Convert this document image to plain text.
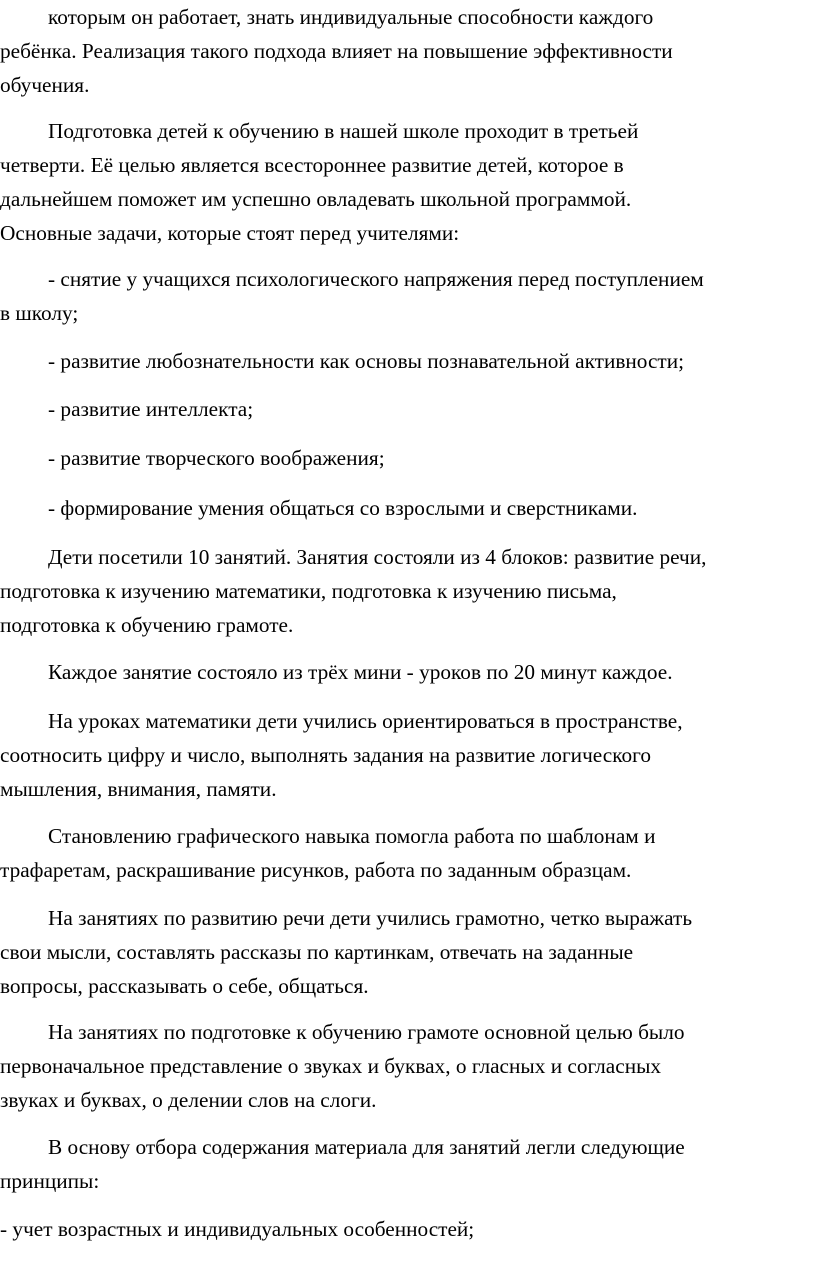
которым он работает, знать индивидуальные способности каждого
ребёнка. Реализация такого подхода влияет на повышение эффективности
обучения.
Подготовка детей к обучению в нашей школе проходит в третьей
четверти. Её целью является всестороннее развитие детей, которое в
дальнейшем поможет им успешно овладевать школьной программой.
Основные задачи, которые стоят перед учителями:
- снятие у учащихся психологического напряжения перед поступлением
в школу;
- развитие любознательности как основы познавательной активности;
- развитие интеллекта;
- развитие творческого воображения;
- формирование умения общаться со взрослыми и сверстниками.
Дети посетили 10 занятий. Занятия состояли из 4 блоков: развитие речи,
подготовка к изучению математики, подготовка к изучению письма,
подготовка к обучению грамоте.
Каждое занятие состояло из трёх мини - уроков по 20 минут каждое.
На уроках математики дети учились ориентироваться в пространстве,
соотносить цифру и число, выполнять задания на развитие логического
мышления, внимания, памяти.
Становлению графического навыка помогла работа по шаблонам и
трафаретам, раскрашивание рисунков, работа по заданным образцам.
На занятиях по развитию речи дети учились грамотно, четко выражать
свои мысли, составлять рассказы по картинкам, отвечать на заданные
вопросы, рассказывать о себе, общаться.
На занятиях по подготовке к обучению грамоте основной целью было
первоначальное представление о звуках и буквах, о гласных и согласных
звуках и буквах, о делении слов на слоги.
В основу отбора содержания материала для занятий легли следующие
принципы:
- учет возрастных и индивидуальных особенностей;
